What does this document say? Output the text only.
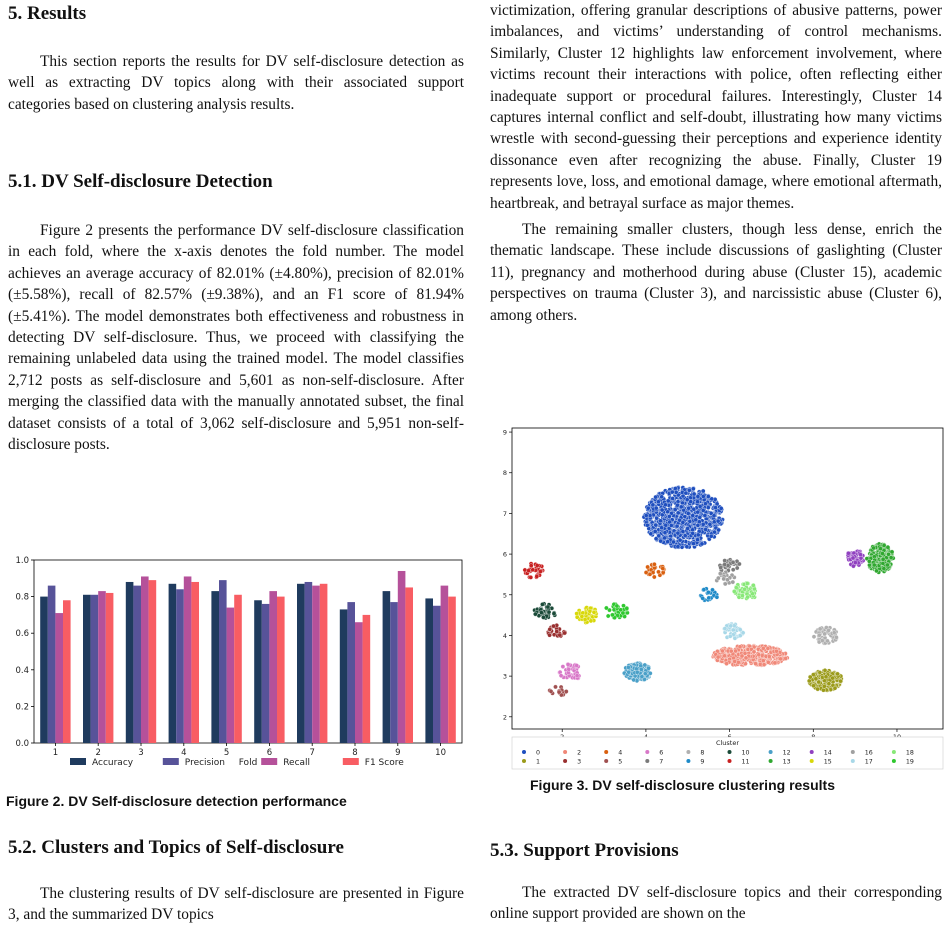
5. Results

This section reports the results for DV self-disclosure detection as well as extracting DV topics along with their associated support categories based on clustering analysis results.

5.1. DV Self-disclosure Detection

Figure 2 presents the performance DV self-disclosure classification in each fold, where the x-axis denotes the fold number. The model achieves an average accuracy of 82.01% (±4.80%), precision of 82.01% (±5.58%), recall of 82.57% (±9.38%), and an F1 score of 81.94% (±5.41%). The model demonstrates both effectiveness and robustness in detecting DV self-disclosure. Thus, we proceed with classifying the remaining unlabeled data using the trained model. The model classifies 2,712 posts as self-disclosure and 5,601 as non-self-disclosure. After merging the classified data with the manually annotated subset, the final dataset consists of a total of 3,062 self-disclosure and 5,951 non-self-disclosure posts.

0.0
0.2
0.4
0.6
0.8
1.0
1	2	3	4	5	6	7	8	9	10
Fold
Accuracy	Precision	Recall	F1 Score
Figure 2. DV Self-disclosure detection performance
5.2. Clusters and Topics of Self-disclosure

The clustering results of DV self-disclosure are presented in Figure 3, and the summarized DV topics

victimization, offering granular descriptions of abusive patterns, power imbalances, and victims’ understanding of control mechanisms. Similarly, Cluster 12 highlights law enforcement involvement, where victims recount their interactions with police, often reflecting either inadequate support or procedural failures. Interestingly, Cluster 14 captures internal conflict and self-doubt, illustrating how many victims wrestle with second-guessing their perceptions and experience identity dissonance even after recognizing the abuse. Finally, Cluster 19 represents love, loss, and emotional damage, where emotional aftermath, heartbreak, and betrayal surface as major themes.

The remaining smaller clusters, though less dense, enrich the thematic landscape. These include discussions of gaslighting (Cluster 11), pregnancy and motherhood during abuse (Cluster 15), academic perspectives on trauma (Cluster 3), and narcissistic abuse (Cluster 6), among others.

2
3
4
5
6
7
8
9
Cluster
0
1
2
3
4
5
6
7
8
9
10
11
12
13
14
15
16
17
18
19
Figure 3. DV self-disclosure clustering results
5.3. Support Provisions

The extracted DV self-disclosure topics and their corresponding online support provided are shown on the
